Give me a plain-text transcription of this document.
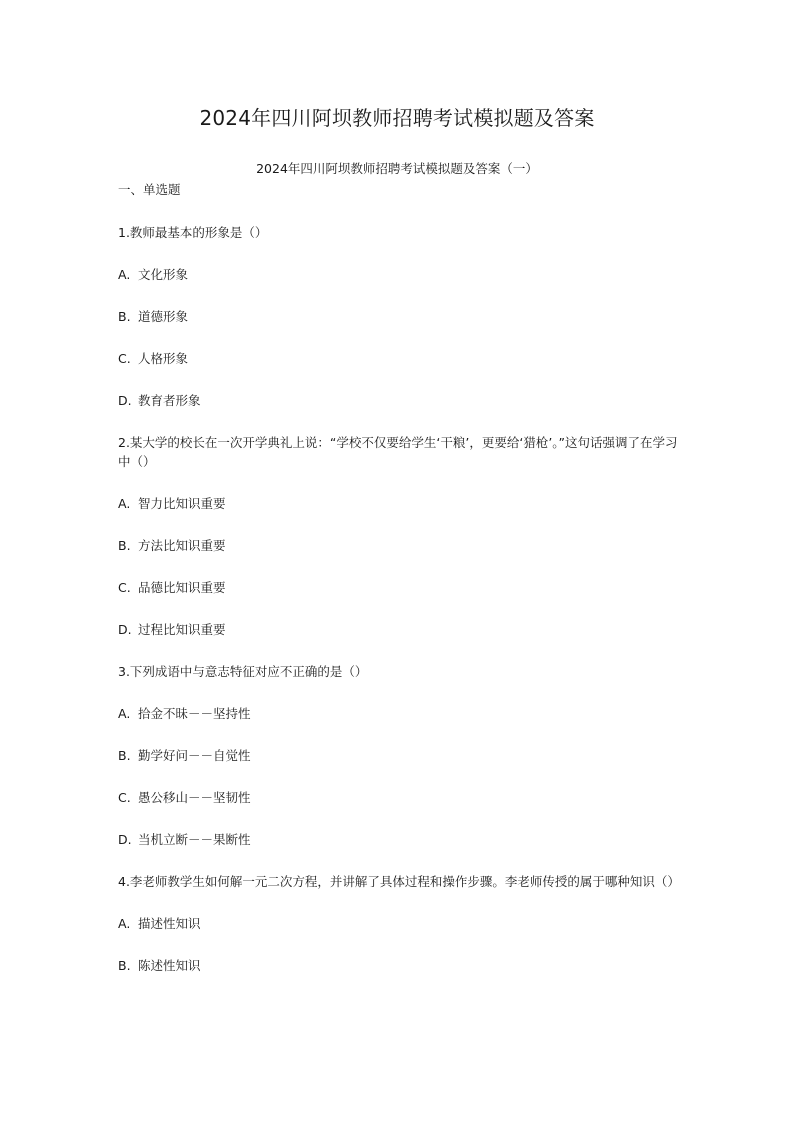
2024年四川阿坝教师招聘考试模拟题及答案
2024年四川阿坝教师招聘考试模拟题及答案（一）
一、单选题
1.教师最基本的形象是（）
A. 文化形象
B. 道德形象
C. 人格形象
D. 教育者形象
2.某大学的校长在一次开学典礼上说：“学校不仅要给学生‘干粮’，更要给‘猎枪’。”这句话强调了在学习中（）
A. 智力比知识重要
B. 方法比知识重要
C. 品德比知识重要
D. 过程比知识重要
3.下列成语中与意志特征对应不正确的是（）
A. 拾金不昧－－坚持性
B. 勤学好问－－自觉性
C. 愚公移山－－坚韧性
D. 当机立断－－果断性
4.李老师教学生如何解一元二次方程，并讲解了具体过程和操作步骤。李老师传授的属于哪种知识（）
A. 描述性知识
B. 陈述性知识
